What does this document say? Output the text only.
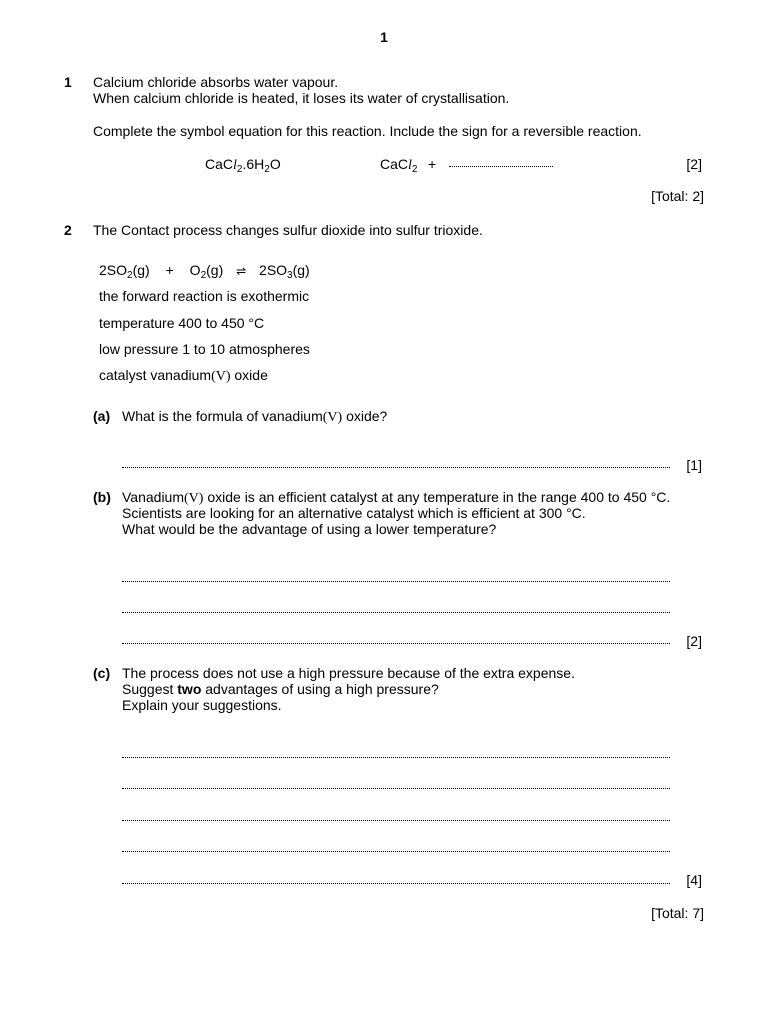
1
1 Calcium chloride absorbs water vapour.
When calcium chloride is heated, it loses its water of crystallisation.
Complete the symbol equation for this reaction. Include the sign for a reversible reaction.
$CaCl_2.6H_2O$	CaCl$_2$ +	[2]
[Total: 2]
2 The Contact process changes sulfur dioxide into sulfur trioxide.
$2SO_2(g) + O_2(g)$ ⇌ $2SO_3(g)$
the forward reaction is exothermic
temperature 400 to 450 °C
low pressure 1 to 10 atmospheres
catalyst vanadium(V) oxide
(a) What is the formula of vanadium(V) oxide?
[1]
(b) Vanadium(V) oxide is an efficient catalyst at any temperature in the range 400 to 450 °C.
Scientists are looking for an alternative catalyst which is efficient at 300 °C.
What would be the advantage of using a lower temperature?
[2]
(c) The process does not use a high pressure because of the extra expense.
Suggest two advantages of using a high pressure?
Explain your suggestions.
[4]
[Total: 7]
